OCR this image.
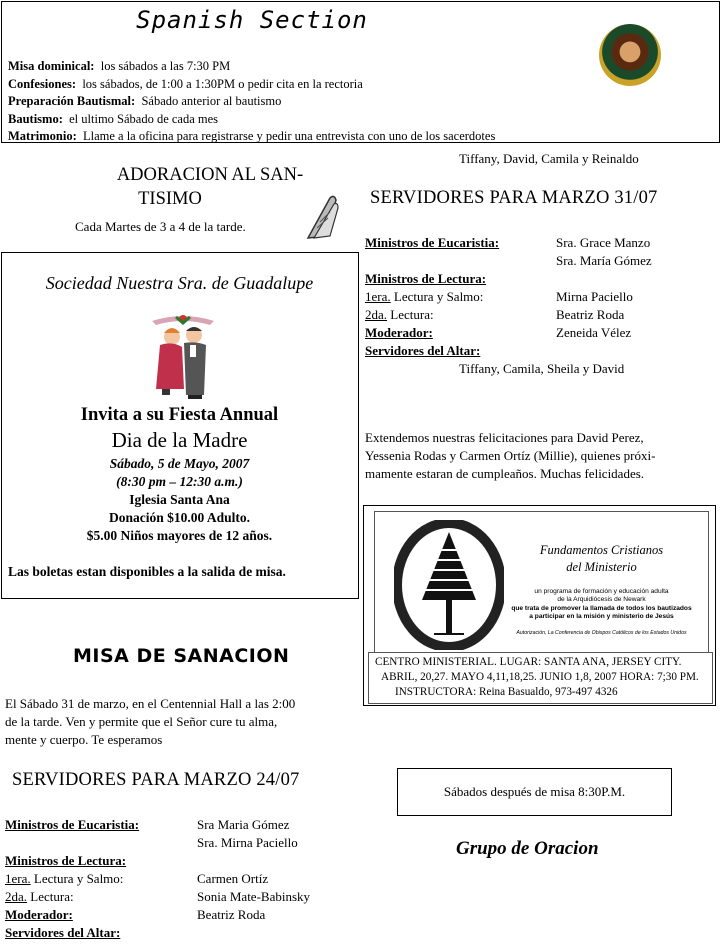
Spanish Section
Misa dominical: los sábados a las 7:30 PM
Confesiones: los sábados, de 1:00 a 1:30PM o pedir cita en la rectoria
Preparación Bautismal: Sábado anterior al bautismo
Bautismo: el ultimo Sábado de cada mes
Matrimonio: Llame a la oficina para registrarse y pedir una entrevista con uno de los sacerdotes
ADORACION AL SAN-
TISIMO
Cada Martes de 3 a 4 de la tarde.
Sociedad Nuestra Sra. de Guadalupe
Invita a su Fiesta Annual
Dia de la Madre
Sábado, 5 de Mayo, 2007
(8:30 pm – 12:30 a.m.)
Iglesia Santa Ana
Donación $10.00 Adulto.
$5.00 Niños mayores de 12 años.
Las boletas estan disponibles a la salida de misa.
Tiffany, David, Camila y Reinaldo
SERVIDORES PARA MARZO 31/07
Ministros de Eucaristia:	Sra. Grace Manzo
Sra. María Gómez
Ministros de Lectura:
1era. Lectura y Salmo:	Mirna Paciello
2da. Lectura:	Beatriz Roda
Moderador:	Zeneida Vélez
Servidores del Altar:
Tiffany, Camila, Sheila y David
Extendemos nuestras felicitaciones para David Perez,
Yessenia Rodas y Carmen Ortíz (Millie), quienes próxi-
mamente estaran de cumpleaños. Muchas felicidades.
Fundamentos Cristianos
del Ministerio
un programa de formación y educación adulta
de la Arquidiócesis de Newark
que trata de promover la llamada de todos los bautizados
a participar en la misión y ministerio de Jesús
Autorización, La Conferencia de Obispos Católicos de los Estados Unidos
CENTRO MINISTERIAL. LUGAR: SANTA ANA, JERSEY CITY.
ABRIL, 20,27. MAYO 4,11,18,25. JUNIO 1,8, 2007 HORA: 7;30 PM.
INSTRUCTORA: Reina Basualdo, 973-497 4326
MISA DE SANACION
El Sábado 31 de marzo, en el Centennial Hall a las 2:00
de la tarde. Ven y permite que el Señor cure tu alma,
mente y cuerpo. Te esperamos
Sábados después de misa 8:30P.M.
Grupo de Oracion
SERVIDORES PARA MARZO 24/07
Ministros de Eucaristia:	Sra Maria Gómez
Sra. Mirna Paciello
Ministros de Lectura:
1era. Lectura y Salmo:	Carmen Ortíz
2da. Lectura:	Sonia Mate-Babinsky
Moderador:	Beatriz Roda
Servidores del Altar:
